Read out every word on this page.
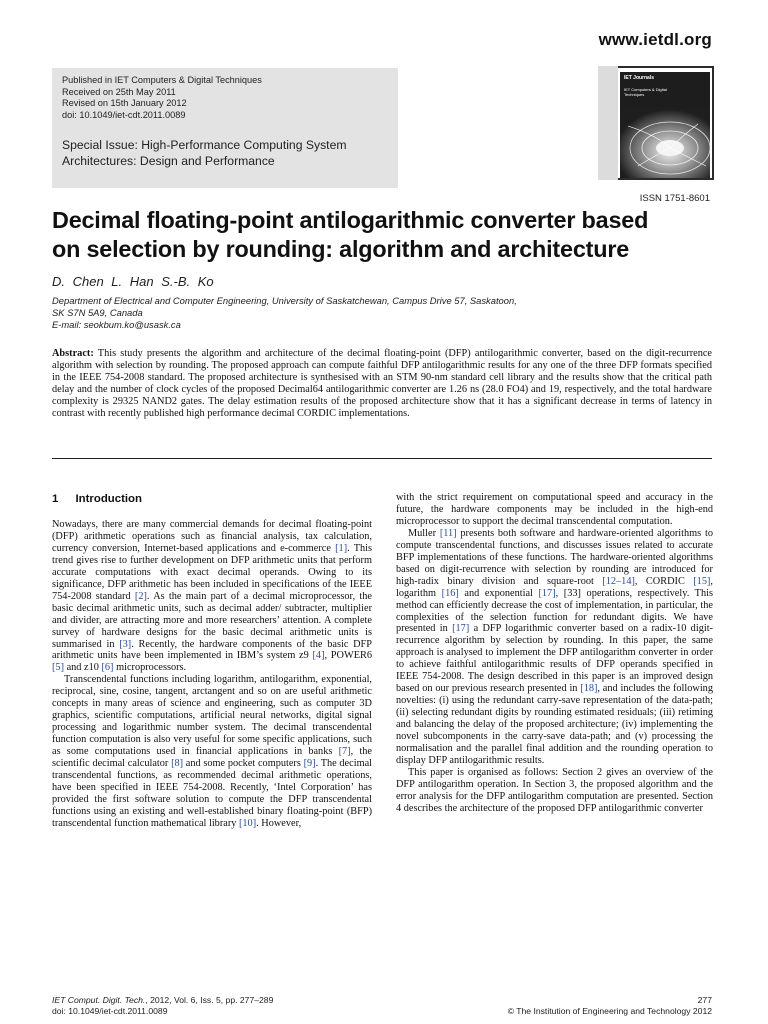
www.ietdl.org
Published in IET Computers & Digital Techniques
Received on 25th May 2011
Revised on 15th January 2012
doi: 10.1049/iet-cdt.2011.0089
Special Issue: High-Performance Computing System
Architectures: Design and Performance
IET Journals
IET Computers & Digital
Techniques
ISSN 1751-8601
Decimal floating-point antilogarithmic converter based
on selection by rounding: algorithm and architecture
D. Chen L. Han S.-B. Ko
Department of Electrical and Computer Engineering, University of Saskatchewan, Campus Drive 57, Saskatoon,
SK S7N 5A9, Canada
E-mail: seokbum.ko@usask.ca
Abstract: This study presents the algorithm and architecture of the decimal floating-point (DFP) antilogarithmic converter, based on the digit-recurrence algorithm with selection by rounding. The proposed approach can compute faithful DFP antilogarithmic results for any one of the three DFP formats specified in the IEEE 754-2008 standard. The proposed architecture is synthesised with an STM 90-nm standard cell library and the results show that the critical path delay and the number of clock cycles of the proposed Decimal64 antilogarithmic converter are 1.26 ns (28.0 FO4) and 19, respectively, and the total hardware complexity is 29325 NAND2 gates. The delay estimation results of the proposed architecture show that it has a significant decrease in terms of latency in contrast with recently published high performance decimal CORDIC implementations.
1 Introduction

Nowadays, there are many commercial demands for decimal floating-point (DFP) arithmetic operations such as financial analysis, tax calculation, currency conversion, Internet-based applications and e-commerce [1]. This trend gives rise to further development on DFP arithmetic units that perform accurate computations with exact decimal operands. Owing to its significance, DFP arithmetic has been included in specifications of the IEEE 754-2008 standard [2]. As the main part of a decimal microprocessor, the basic decimal arithmetic units, such as decimal adder/ subtracter, multiplier and divider, are attracting more and more researchers’ attention. A complete survey of hardware designs for the basic decimal arithmetic units is summarised in [3]. Recently, the hardware components of the basic DFP arithmetic units have been implemented in IBM’s system z9 [4], POWER6 [5] and z10 [6] microprocessors.

Transcendental functions including logarithm, antilogarithm, exponential, reciprocal, sine, cosine, tangent, arctangent and so on are useful arithmetic concepts in many areas of science and engineering, such as computer 3D graphics, scientific computations, artificial neural networks, digital signal processing and logarithmic number system. The decimal transcendental function computation is also very useful for some specific applications, such as some computations used in financial applications in banks [7], the scientific decimal calculator [8] and some pocket computers [9]. The decimal transcendental functions, as recommended decimal arithmetic operations, have been specified in IEEE 754-2008. Recently, ‘Intel Corporation’ has provided the first software solution to compute the DFP transcendental functions using an existing and well-established binary floating-point (BFP) transcendental function mathematical library [10]. However,

with the strict requirement on computational speed and accuracy in the future, the hardware components may be included in the high-end microprocessor to support the decimal transcendental computation.

Muller [11] presents both software and hardware-oriented algorithms to compute transcendental functions, and discusses issues related to accurate BFP implementations of these functions. The hardware-oriented algorithms based on digit-recurrence with selection by rounding are introduced for high-radix binary division and square-root [12–14], CORDIC [15], logarithm [16] and exponential [17], [33] operations, respectively. This method can efficiently decrease the cost of implementation, in particular, the complexities of the selection function for redundant digits. We have presented in [17] a DFP logarithmic converter based on a radix-10 digit-recurrence algorithm by selection by rounding. In this paper, the same approach is analysed to implement the DFP antilogarithm converter in order to achieve faithful antilogarithmic results of DFP operands specified in IEEE 754-2008. The design described in this paper is an improved design based on our previous research presented in [18], and includes the following novelties: (i) using the redundant carry-save representation of the data-path; (ii) selecting redundant digits by rounding estimated residuals; (iii) retiming and balancing the delay of the proposed architecture; (iv) implementing the novel subcomponents in the carry-save data-path; and (v) processing the normalisation and the parallel final addition and the rounding operation to display DFP antilogarithmic results.

This paper is organised as follows: Section 2 gives an overview of the DFP antilogarithm operation. In Section 3, the proposed algorithm and the error analysis for the DFP antilogarithm computation are presented. Section 4 describes the architecture of the proposed DFP antilogarithmic converter

IET Comput. Digit. Tech., 2012, Vol. 6, Iss. 5, pp. 277–289
doi: 10.1049/iet-cdt.2011.0089
277
© The Institution of Engineering and Technology 2012
